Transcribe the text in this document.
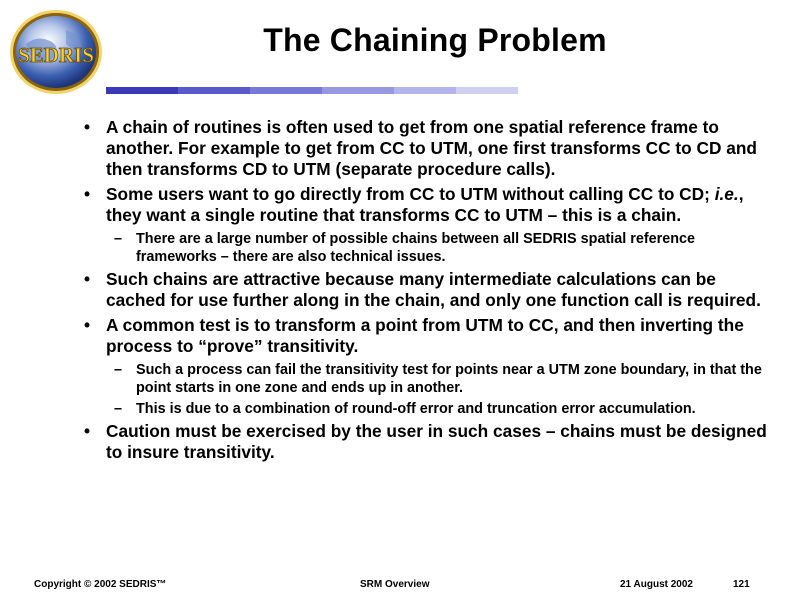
SEDRIS	The Chaining Problem
• A chain of routines is often used to get from one spatial reference frame to another. For example to get from CC to UTM, one first transforms CC to CD and then transforms CD to UTM (separate procedure calls).
• Some users want to go directly from CC to UTM without calling CC to CD; i.e., they want a single routine that transforms CC to UTM – this is a chain.
– There are a large number of possible chains between all SEDRIS spatial reference frameworks – there are also technical issues.
• Such chains are attractive because many intermediate calculations can be cached for use further along in the chain, and only one function call is required.
• A common test is to transform a point from UTM to CC, and then inverting the process to “prove” transitivity.
– Such a process can fail the transitivity test for points near a UTM zone boundary, in that the point starts in one zone and ends up in another.
– This is due to a combination of round-off error and truncation error accumulation.
• Caution must be exercised by the user in such cases – chains must be designed to insure transitivity.
Copyright © 2002 SEDRIS™	SRM Overview	21 August 2002	121
